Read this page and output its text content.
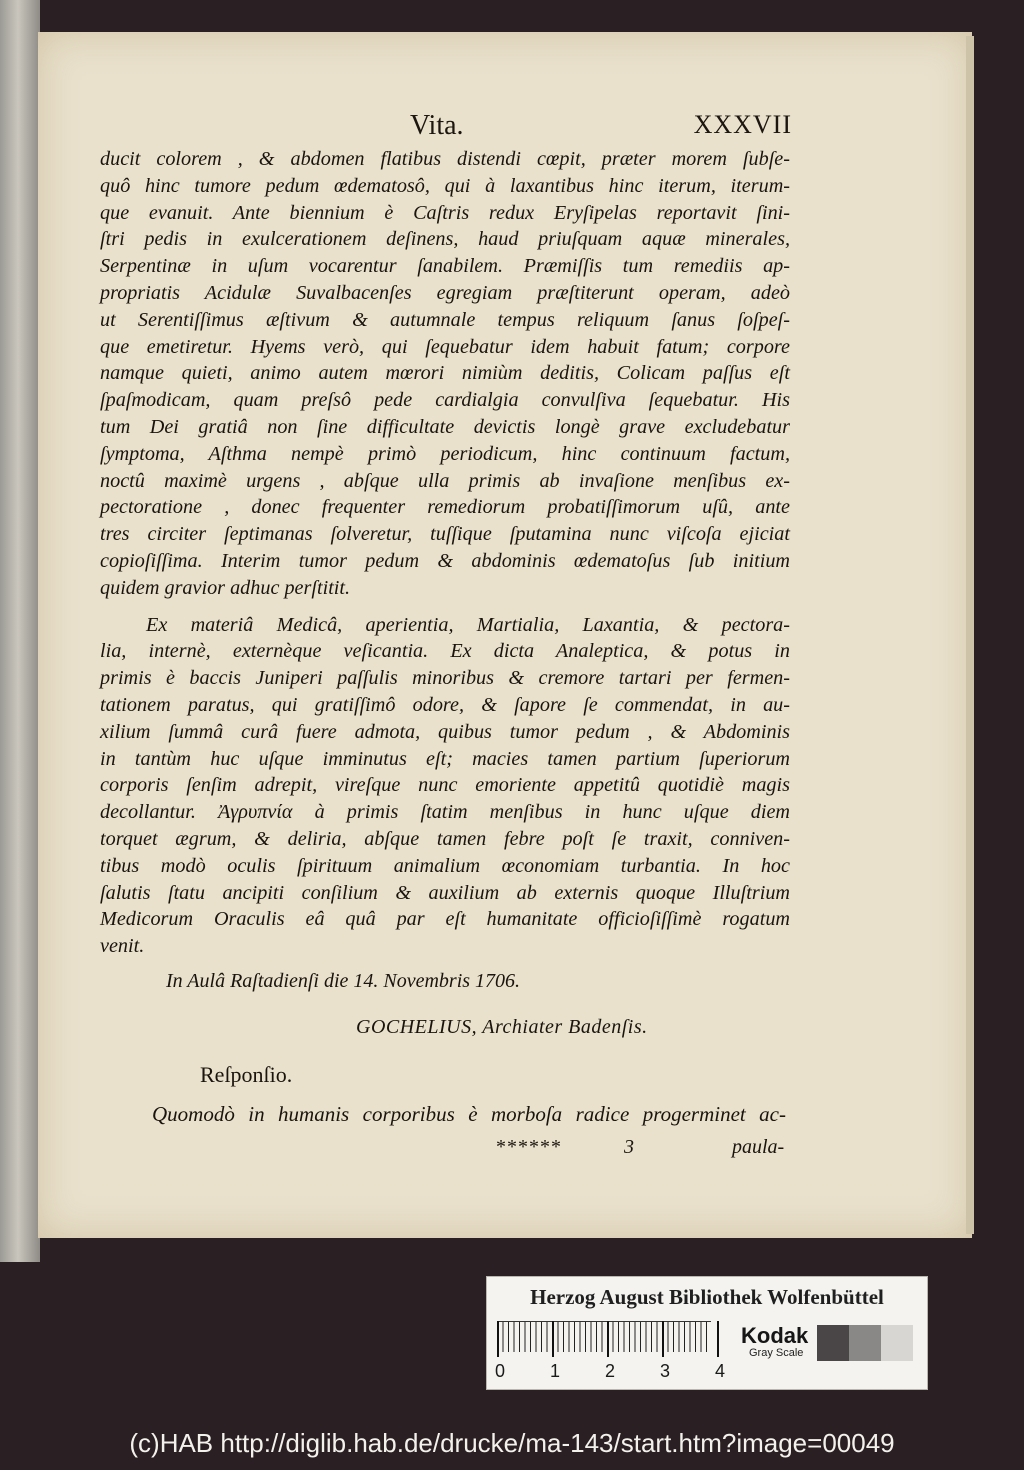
Vita.	XXXVII
ducit colorem , & abdomen flatibus distendi cœpit, præter morem ſubſe-
quô hinc tumore pedum œdematosô, qui à laxantibus hinc iterum, iterum-
que evanuit. Ante biennium è Caſtris redux Eryſipelas reportavit ſini-
ſtri pedis in exulcerationem deſinens, haud priuſquam aquæ minerales,
Serpentinæ in uſum vocarentur ſanabilem. Præmiſſis tum remediis ap-
propriatis Acidulæ Suvalbacenſes egregiam præſtiterunt operam, adeò
ut Serentiſſimus æſtivum & autumnale tempus reliquum ſanus ſoſpeſ-
que emetiretur. Hyems verò, qui ſequebatur idem habuit fatum; corpore
namque quieti, animo autem mœrori nimiùm deditis, Colicam paſſus eſt
ſpaſmodicam, quam preſsô pede cardialgia convulſiva ſequebatur. His
tum Dei gratiâ non ſine difficultate devictis longè grave excludebatur
ſymptoma, Aſthma nempè primò periodicum, hinc continuum factum,
noctû maximè urgens , abſque ulla primis ab invaſione menſibus ex-
pectoratione , donec frequenter remediorum probatiſſimorum uſû, ante
tres circiter ſeptimanas ſolveretur, tuſſique ſputamina nunc viſcoſa ejiciat
copioſiſſima. Interim tumor pedum & abdominis œdematoſus ſub initium
quidem gravior adhuc perſtitit.
Ex materiâ Medicâ, aperientia, Martialia, Laxantia, & pectora-
lia, internè, externèque veſicantia. Ex dicta Analeptica, & potus in
primis è baccis Juniperi paſſulis minoribus & cremore tartari per fermen-
tationem paratus, qui gratiſſimô odore, & ſapore ſe commendat, in au-
xilium ſummâ curâ fuere admota, quibus tumor pedum , & Abdominis
in tantùm huc uſque imminutus eſt; macies tamen partium ſuperiorum
corporis ſenſim adrepit, vireſque nunc emoriente appetitû quotidiè magis
decollantur. Ἀγρυπνία à primis ſtatim menſibus in hunc uſque diem
torquet ægrum, & deliria, abſque tamen febre poſt ſe traxit, conniven-
tibus modò oculis ſpirituum animalium œconomiam turbantia. In hoc
ſalutis ſtatu ancipiti conſilium & auxilium ab externis quoque Illuſtrium
Medicorum Oraculis eâ quâ par eſt humanitate officioſiſſimè rogatum
venit.
In Aulâ Raſtadienſi die 14. Novembris 1706.
GOCHELIUS, Archiater Badenſis.
Reſponſio.
Quomodò in humanis corporibus è morboſa radice progerminet ac-
******	3	paula-
Herzog August Bibliothek Wolfenbüttel
0 1 2 3 4
Kodak
Gray Scale
(c)HAB http://diglib.hab.de/drucke/ma-143/start.htm?image=00049
